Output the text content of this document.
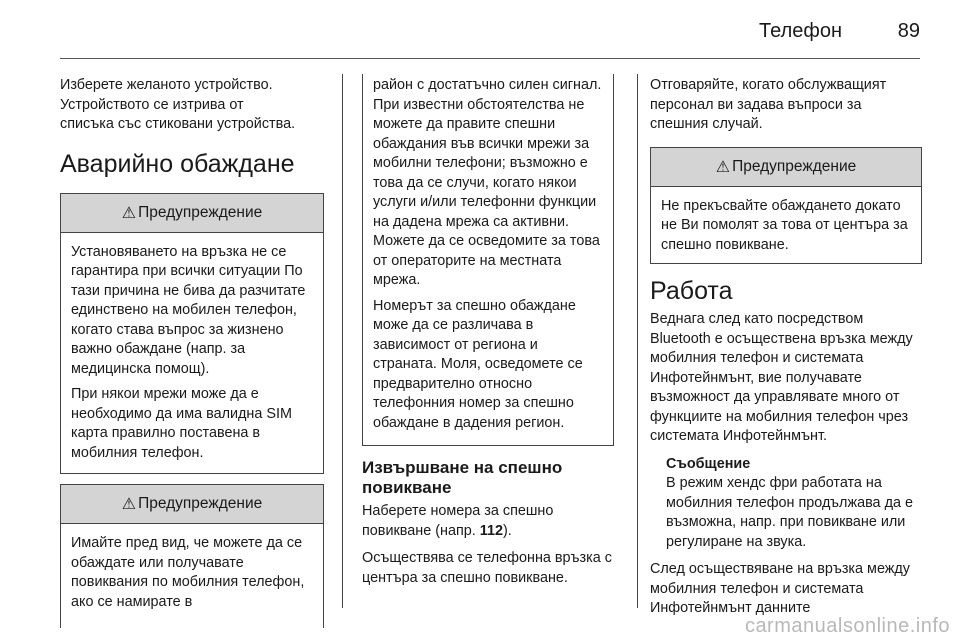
Телефон	89

Изберете желаното устройство.
Устройството се изтрива от
списъка със стиковани устройства.

Аварийно обаждане
⚠ Предупреждение

Установяването на връзка не се гарантира при всички ситуации По тази причина не бива да разчитате единствено на мобилен телефон, когато става въпрос за жизнено важно обаждане (напр. за медицинска помощ).

При някои мрежи може да е необходимо да има валидна SIM карта правилно поставена в мобилния телефон.

⚠ Предупреждение

Имайте пред вид, че можете да се обаждате или получавате повиквания по мобилния телефон, ако се намирате в

район с достатъчно силен сигнал. При известни обстоятелства не можете да правите спешни обаждания във всички мрежи за мобилни телефони; възможно е това да се случи, когато някои услуги и/или телефонни функции на дадена мрежа са активни. Можете да се осведомите за това от операторите на местната мрежа.

Номерът за спешно обаждане може да се различава в зависимост от региона и страната. Моля, осведомете се предварително относно телефонния номер за спешно обаждане в дадения регион.

Извършване на спешно повикване

Наберете номера за спешно повикване (напр. 112).

Осъществява се телефонна връзка с центъра за спешно повикване.

Отговаряйте, когато обслужващият персонал ви задава въпроси за спешния случай.

⚠ Предупреждение

Не прекъсвайте обаждането докато не Ви помолят за това от центъра за спешно повикване.

Работа

Веднага след като посредством Bluetooth е осъществена връзка между мобилния телефон и системата Инфотейнмънт, вие получавате възможност да управлявате много от функциите на мобилния телефон чрез системата Инфотейнмънт.

Съобщение

В режим хендс фри работата на мобилния телефон продължава да е възможна, напр. при повикване или регулиране на звука.

След осъществяване на връзка между мобилния телефон и системата Инфотейнмънт данните

carmanualsonline.info
